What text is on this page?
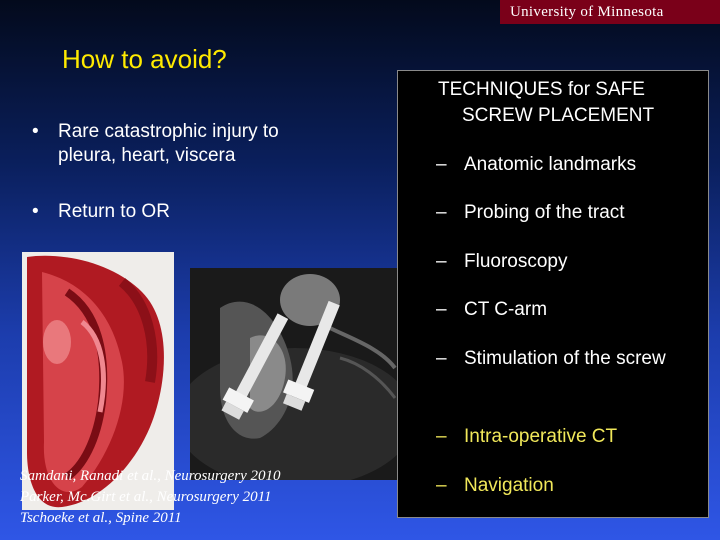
University of Minnesota
How to avoid?
• Rare catastrophic injury to pleura, heart, viscera
• Return to OR
Samdani, Ranadi et al., Neurosurgery 2010
Parker, Mc.Girt et al., Neurosurgery 2011
Tschoeke et al., Spine 2011
TECHNIQUES for SAFE
SCREW PLACEMENT
– Anatomic landmarks
– Probing of the tract
– Fluoroscopy
– CT C-arm
– Stimulation of the screw
– Intra-operative CT
– Navigation
